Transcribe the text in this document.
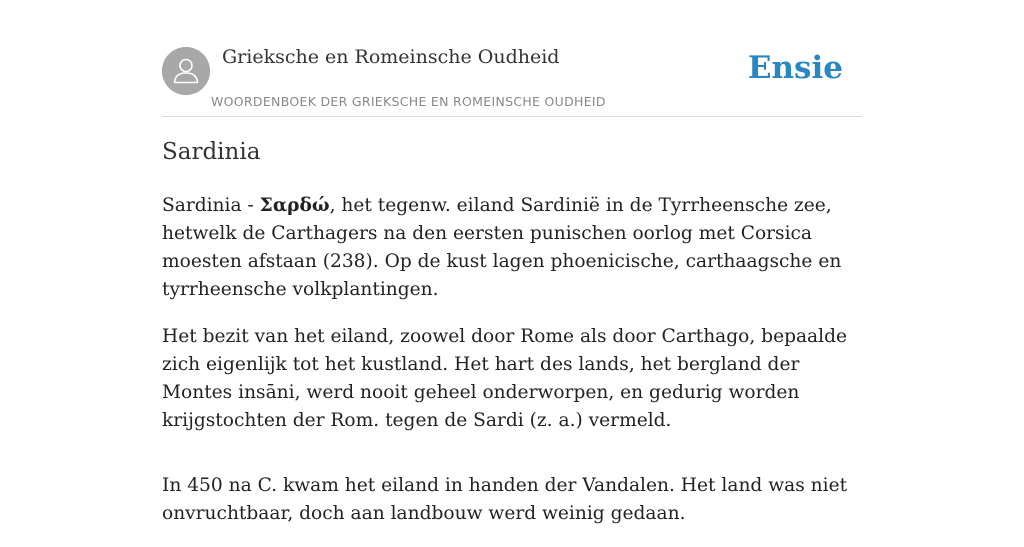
Grieksche en Romeinsche Oudheid
WOORDENBOEK DER GRIEKSCHE EN ROMEINSCHE OUDHEID
Ensie
Sardinia

Sardinia - Σαρδώ, het tegenw. eiland Sardinië in de Tyrrheensche zee, hetwelk de Carthagers na den eersten punischen oorlog met Corsica moesten afstaan (238). Op de kust lagen phoenicische, carthaagsche en tyrrheensche volkplantingen.

Het bezit van het eiland, zoowel door Rome als door Carthago, bepaalde zich eigenlijk tot het kustland. Het hart des lands, het bergland der Montes insāni, werd nooit geheel onderworpen, en gedurig worden krijgstochten der Rom. tegen de Sardi (z. a.) vermeld.

In 450 na C. kwam het eiland in handen der Vandalen. Het land was niet onvruchtbaar, doch aan landbouw werd weinig gedaan.
